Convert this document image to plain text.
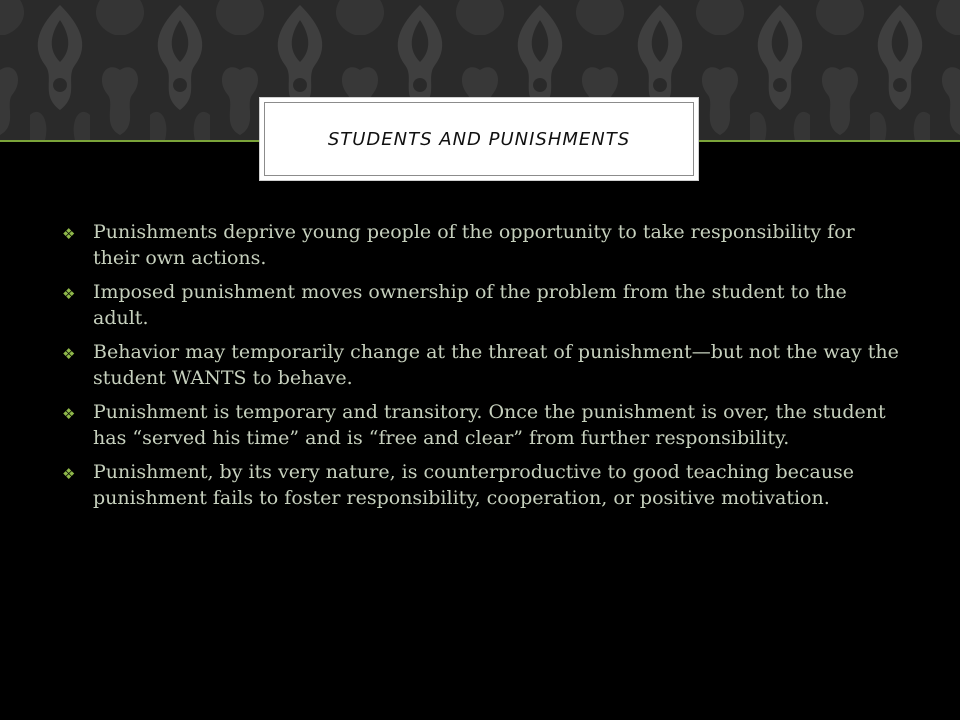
STUDENTS AND PUNISHMENTS
❖ Punishments deprive young people of the opportunity to take responsibility for their own actions.
❖ Imposed punishment moves ownership of the problem from the student to the adult.
❖ Behavior may temporarily change at the threat of punishment—but not the way the student WANTS to behave.
❖ Punishment is temporary and transitory. Once the punishment is over, the student has “served his time” and is “free and clear” from further responsibility.
❖ Punishment, by its very nature, is counterproductive to good teaching because punishment fails to foster responsibility, cooperation, or positive motivation.
